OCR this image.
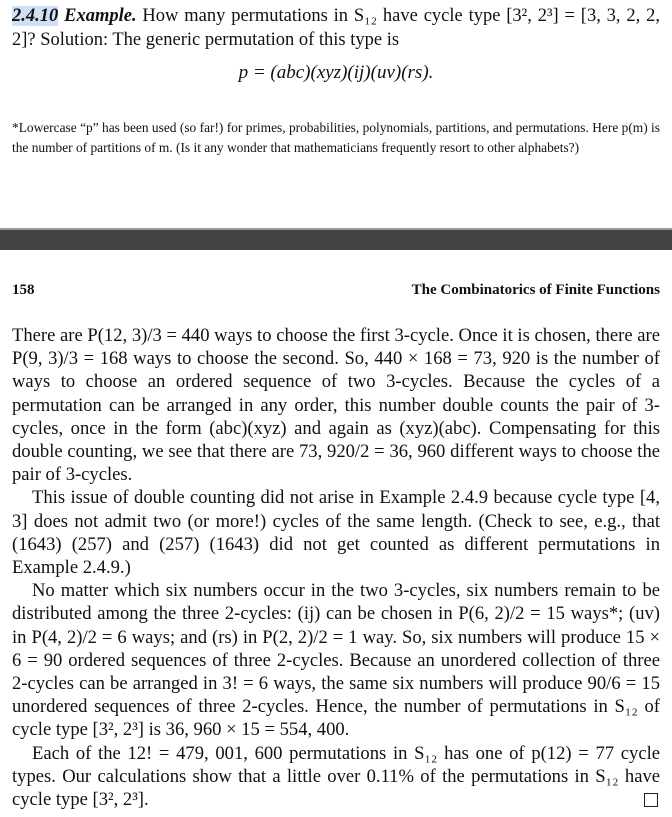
2.4.10 Example. How many permutations in S₁₂ have cycle type [3², 2³] = [3, 3, 2, 2, 2]? Solution: The generic permutation of this type is

p = (abc)(xyz)(ij)(uv)(rs).

*Lowercase “p” has been used (so far!) for primes, probabilities, polynomials, partitions, and permutations. Here p(m) is the number of partitions of m. (Is it any wonder that mathematicians frequently resort to other alphabets?)

158	The Combinatorics of Finite Functions

There are P(12, 3)/3 = 440 ways to choose the first 3-cycle. Once it is chosen, there are P(9, 3)/3 = 168 ways to choose the second. So, 440 × 168 = 73, 920 is the number of ways to choose an ordered sequence of two 3-cycles. Because the cycles of a permutation can be arranged in any order, this number double counts the pair of 3-cycles, once in the form (abc)(xyz) and again as (xyz)(abc). Compensating for this double counting, we see that there are 73, 920/2 = 36, 960 different ways to choose the pair of 3-cycles.

This issue of double counting did not arise in Example 2.4.9 because cycle type [4, 3] does not admit two (or more!) cycles of the same length. (Check to see, e.g., that (1643) (257) and (257) (1643) did not get counted as different permutations in Example 2.4.9.)

No matter which six numbers occur in the two 3-cycles, six numbers remain to be distributed among the three 2-cycles: (ij) can be chosen in P(6, 2)/2 = 15 ways*; (uv) in P(4, 2)/2 = 6 ways; and (rs) in P(2, 2)/2 = 1 way. So, six numbers will produce 15 × 6 = 90 ordered sequences of three 2-cycles. Because an unordered collection of three 2-cycles can be arranged in 3! = 6 ways, the same six numbers will produce 90/6 = 15 unordered sequences of three 2-cycles. Hence, the number of permutations in S₁₂ of cycle type [3², 2³] is 36, 960 × 15 = 554, 400.

Each of the 12! = 479, 001, 600 permutations in S₁₂ has one of p(12) = 77 cycle types. Our calculations show that a little over 0.11% of the permutations in S₁₂ have cycle type [3², 2³].
